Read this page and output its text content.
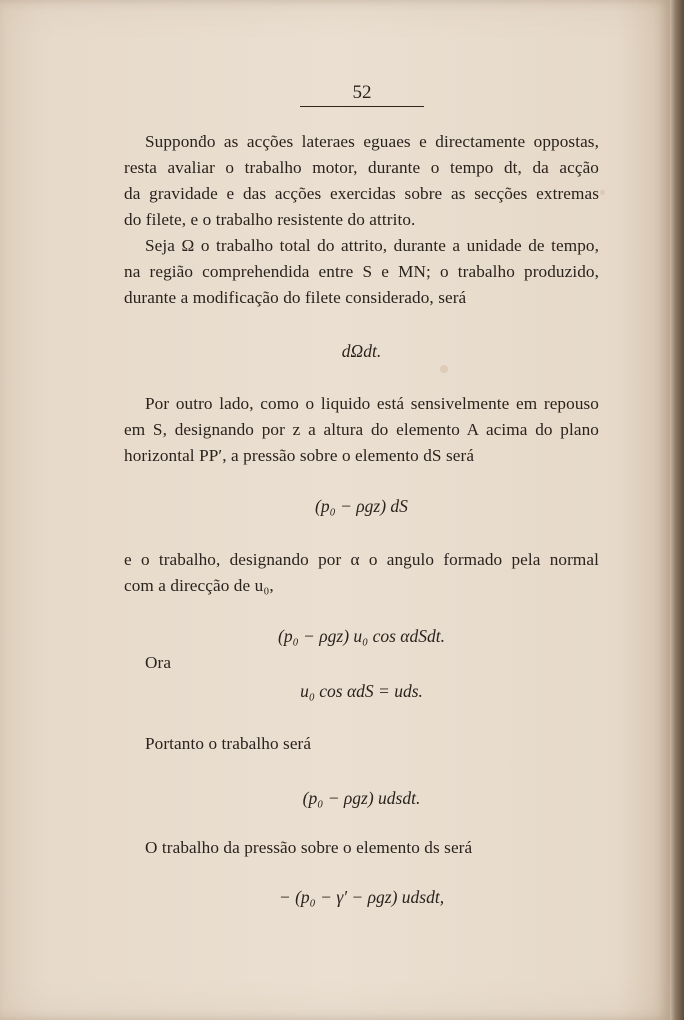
52
Supponḋo as acções lateraes eguaes e directamente oppostas,
resta avaliar o trabalho motor, durante o tempo dt, da acção
da gravidade e das acções exercidas sobre as secções extremas
do filete, e o trabalho resistente do attrito.
Seja Ω o trabalho total do attrito, durante a unidade de tempo,
na região comprehendida entre S e MN; o trabalho produzido,
durante a modificação do filete considerado, será
dΩdt.
Por outro lado, como o liquido está sensivelmente em repouso
em S, designando por z a altura do elemento A acima do plano
horizontal PP′, a pressão sobre o elemento dS será
(p₀ − ρgz) dS
e o trabalho, designando por α o angulo formado pela normal
com a direcção de u₀,
(p₀ − ρgz) u₀ cos αdSdt.
Ora
u₀ cos αdS = uds.
Portanto o trabalho será
(p₀ − ρgz) udsdt.
O trabalho da pressão sobre o elemento ds será
− (p₀ − γ′ − ρgz) udsdt,
